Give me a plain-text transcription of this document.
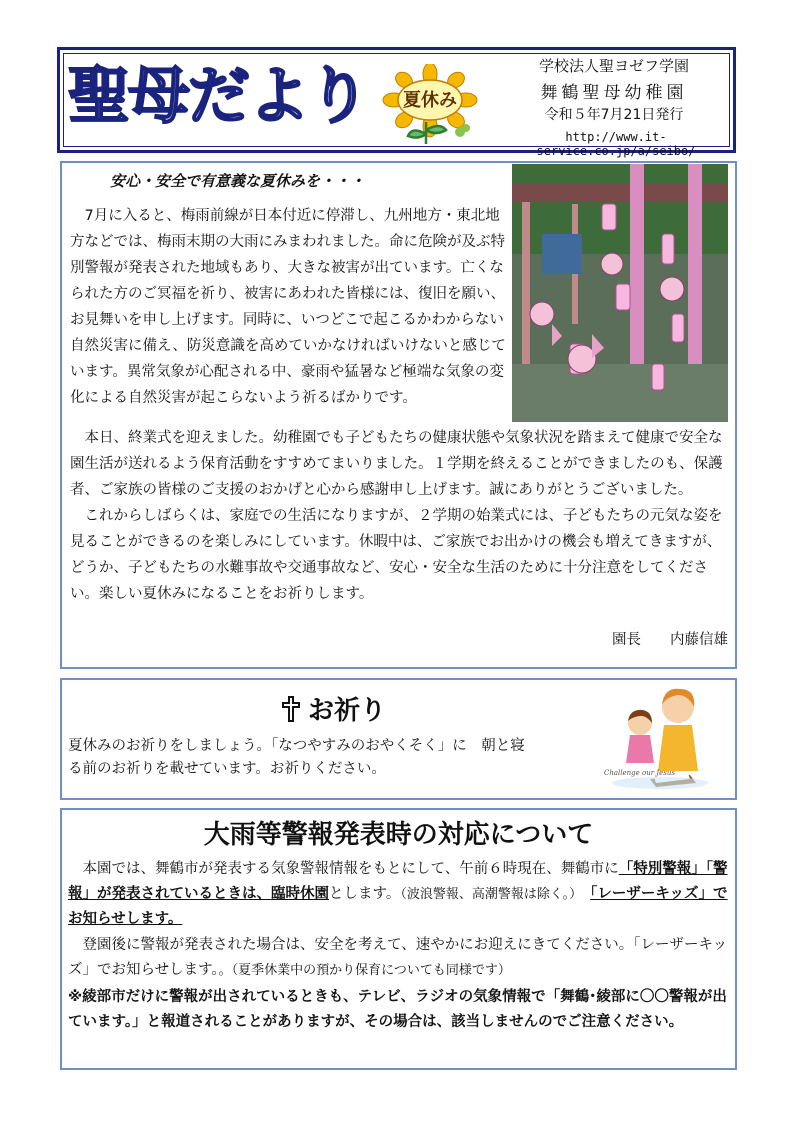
聖母だより	夏休み
学校法人聖ヨゼフ学園
舞鶴聖母幼稚園
令和５年7月21日発行
http://www.it-service.co.jp/a/seibo/
安心・安全で有意義な夏休みを・・・

7月に入ると、梅雨前線が日本付近に停滞し、九州地方・東北地方などでは、梅雨末期の大雨にみまわれました。命に危険が及ぶ特別警報が発表された地域もあり、大きな被害が出ています。亡くなられた方のご冥福を祈り、被害にあわれた皆様には、復旧を願い、お見舞いを申し上げます。同時に、いつどこで起こるかわからない自然災害に備え、防災意識を高めていかなければいけないと感じています。異常気象が心配される中、豪雨や猛暑など極端な気象の変化による自然災害が起こらないよう祈るばかりです。

本日、終業式を迎えました。幼稚園でも子どもたちの健康状態や気象状況を踏まえて健康で安全な園生活が送れるよう保育活動をすすめてまいりました。１学期を終えることができましたのも、保護者、ご家族の皆様のご支援のおかげと心から感謝申し上げます。誠にありがとうございました。

これからしばらくは、家庭での生活になりますが、２学期の始業式には、子どもたちの元気な姿を見ることができるのを楽しみにしています。休暇中は、ご家族でお出かけの機会も増えてきますが、どうか、子どもたちの水難事故や交通事故など、安心・安全な生活のために十分注意をしてください。楽しい夏休みになることをお祈りします。

園長　　内藤信雄
お祈り
夏休みのお祈りをしましょう。「なつやすみのおやくそく」に　朝と寝る前のお祈りを載せています。お祈りください。	Challenge our Jesus
大雨等警報発表時の対応について

本園では、舞鶴市が発表する気象警報情報をもとにして、午前６時現在、舞鶴市に「特別警報」「警報」が発表されているときは、臨時休園とします。（波浪警報、高潮警報は除く。）　 「レーザーキッズ」でお知らせします。

登園後に警報が発表された場合は、安全を考えて、速やかにお迎えにきてください。「レーザーキッズ」でお知らせします。。（夏季休業中の預かり保育についても同様です）

※綾部市だけに警報が出されているときも、テレビ、ラジオの気象情報で「舞鶴･綾部に〇〇警報が出ています。」と報道されることがありますが、その場合は、該当しませんのでご注意ください。
